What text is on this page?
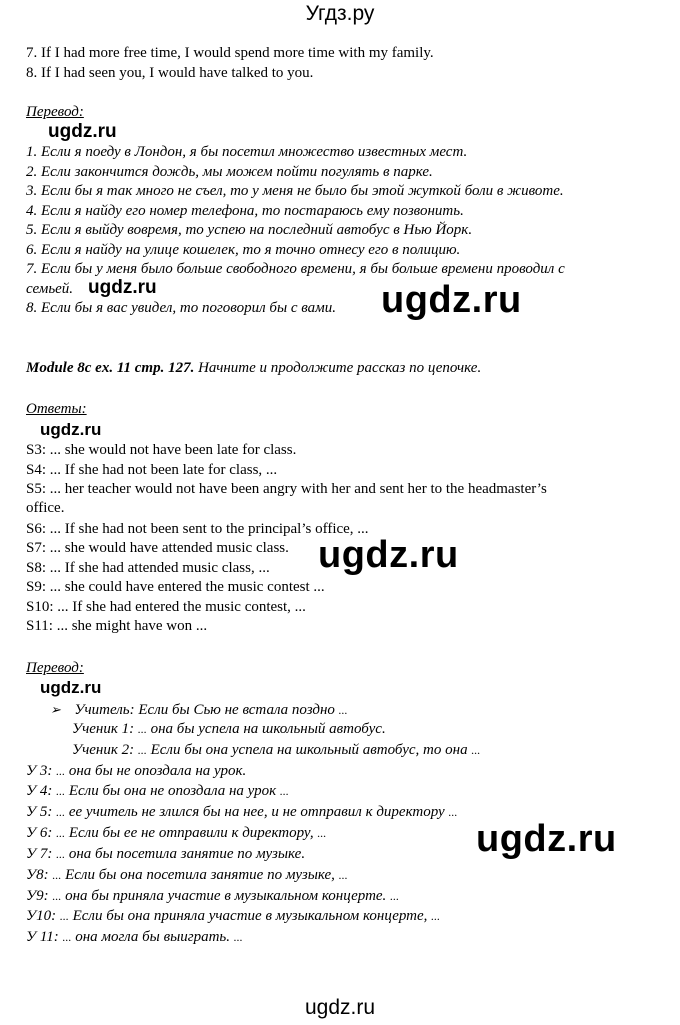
Угдз.ру
7. If I had more free time, I would spend more time with my family.
8. If I had seen you, I would have talked to you.
Перевод:
ugdz.ru
1. Если я поеду в Лондон, я бы посетил множество известных мест.
2. Если закончится дождь, мы можем пойти погулять в парке.
3. Если бы я так много не съел, то у меня не было бы этой жуткой боли в животе.
4. Если я найду его номер телефона, то постараюсь ему позвонить.
5. Если я выйду вовремя, то успею на последний автобус в Нью Йорк.
6. Если я найду на улице кошелек, то я точно отнесу его в полицию.
7. Если бы у меня было больше свободного времени, я бы больше времени проводил с
семьей. ugdz.ru
8. Если бы я вас увидел, то поговорил бы с вами. ugdz.ru
Module 8c ex. 11 стр. 127. Начните и продолжите рассказ по цепочке.
Ответы:
ugdz.ru
S3: ... she would not have been late for class.
S4: ... If she had not been late for class, ...
S5: ... her teacher would not have been angry with her and sent her to the headmaster’s
office.
S6: ... If she had not been sent to the principal’s office, ...
S7: ... she would have attended music class.
S8: ... If she had attended music class, ...
S9: ... she could have entered the music contest ...
S10: ... If she had entered the music contest, ...
S11: ... she might have won ...
ugdz.ru
Перевод:
ugdz.ru
➢ Учитель: Если бы Сью не встала поздно ...
Ученик 1: ... она бы успела на школьный автобус.
Ученик 2: ... Если бы она успела на школьный автобус, то она ...
У 3: ... она бы не опоздала на урок.
У 4: ... Если бы она не опоздала на урок ...
У 5: ... ее учитель не злился бы на нее, и не отправил к директору ...
У 6: ... Если бы ее не отправили к директору, ...
У 7: ... она бы посетила занятие по музыке.
У8: ... Если бы она посетила занятие по музыке, ...
У9: ... она бы приняла участие в музыкальном концерте. ...
У10: ... Если бы она приняла участие в музыкальном концерте, ...
У 11: ... она могла бы выиграть. ...
ugdz.ru
ugdz.ru
